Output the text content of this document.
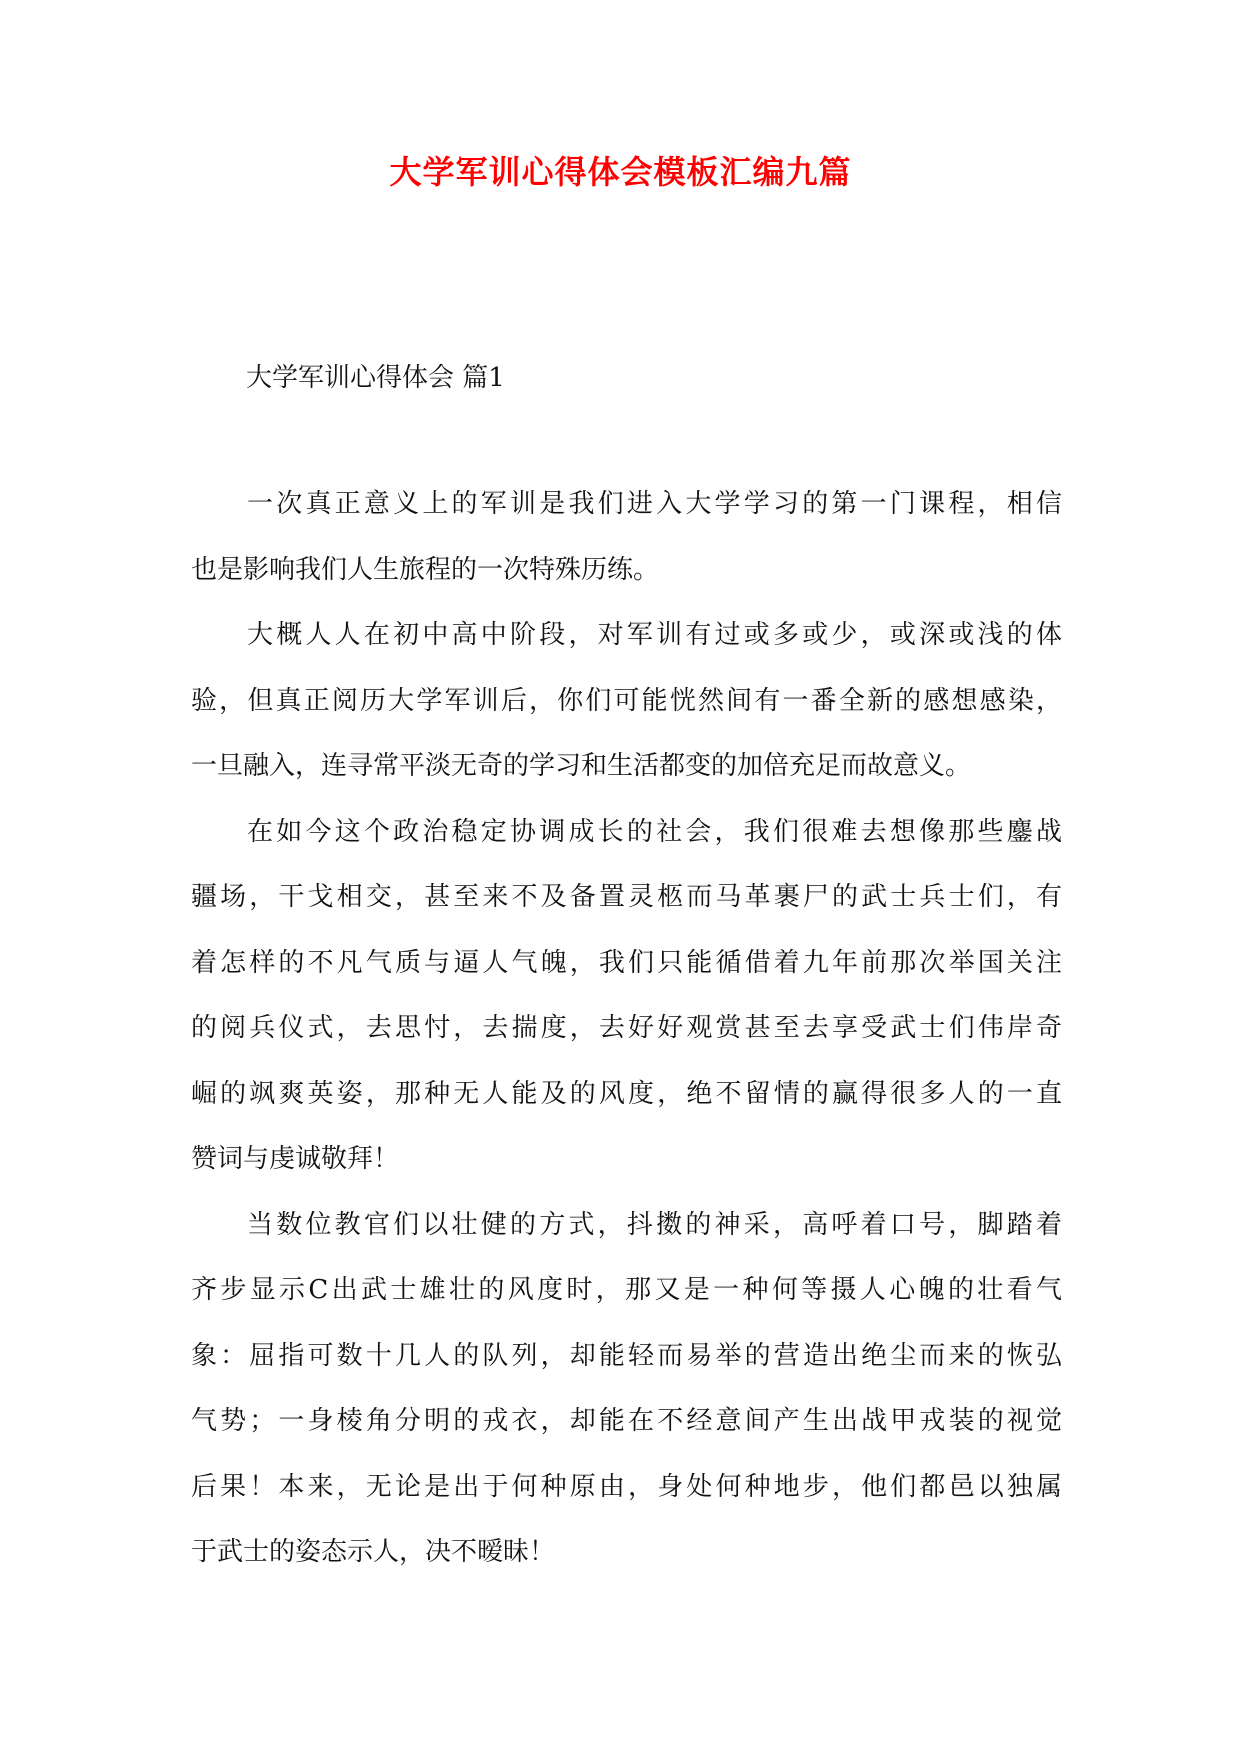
大学军训心得体会模板汇编九篇
大学军训心得体会 篇1
一次真正意义上的军训是我们进入大学学习的第一门课程，相信
也是影响我们人生旅程的一次特殊历练。
大概人人在初中高中阶段，对军训有过或多或少，或深或浅的体
验，但真正阅历大学军训后，你们可能恍然间有一番全新的感想感染，
一旦融入，连寻常平淡无奇的学习和生活都变的加倍充足而故意义。
在如今这个政治稳定协调成长的社会，我们很难去想像那些鏖战
疆场，干戈相交，甚至来不及备置灵柩而马革裹尸的武士兵士们，有
着怎样的不凡气质与逼人气魄，我们只能循借着九年前那次举国关注
的阅兵仪式，去思忖，去揣度，去好好观赏甚至去享受武士们伟岸奇
崛的飒爽英姿，那种无人能及的风度，绝不留情的赢得很多人的一直
赞词与虔诚敬拜！
当数位教官们以壮健的方式，抖擞的神采，高呼着口号，脚踏着
齐步显示C出武士雄壮的风度时，那又是一种何等摄人心魄的壮看气
象：屈指可数十几人的队列，却能轻而易举的营造出绝尘而来的恢弘
气势；一身棱角分明的戎衣，却能在不经意间产生出战甲戎装的视觉
后果！本来，无论是出于何种原由，身处何种地步，他们都邑以独属
于武士的姿态示人，决不暧昧！
